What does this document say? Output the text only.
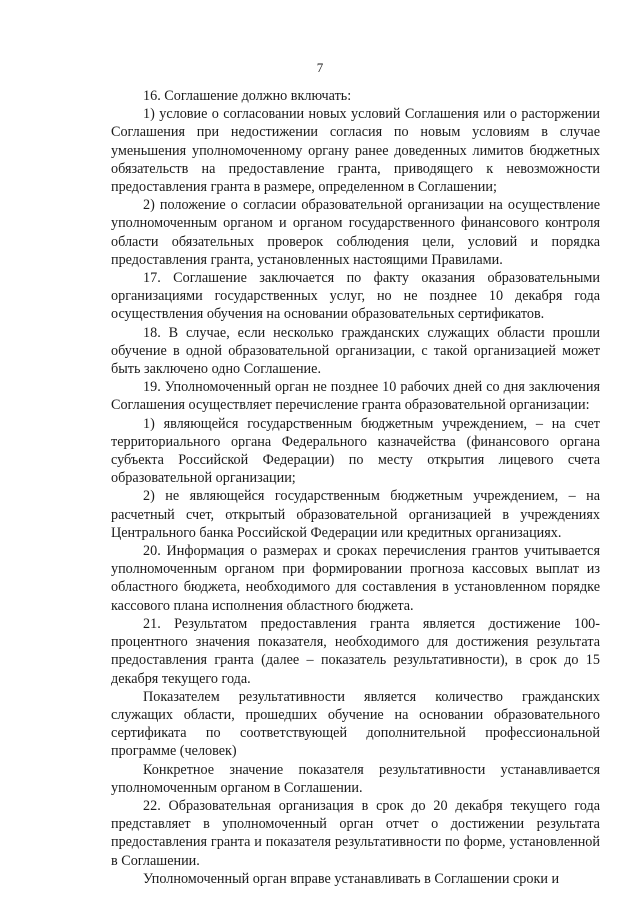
7

16. Соглашение должно включать:

1) условие о согласовании новых условий Соглашения или о расторжении Соглашения при недостижении согласия по новым условиям в случае уменьшения уполномоченному органу ранее доведенных лимитов бюджетных обязательств на предоставление гранта, приводящего к невозможности предоставления гранта в размере, определенном в Соглашении;

2) положение о согласии образовательной организации на осуществление уполномоченным органом и органом государственного финансового контроля области обязательных проверок соблюдения цели, условий и порядка предоставления гранта, установленных настоящими Правилами.

17. Соглашение заключается по факту оказания образовательными организациями государственных услуг, но не позднее 10 декабря года осуществления обучения на основании образовательных сертификатов.

18. В случае, если несколько гражданских служащих области прошли обучение в одной образовательной организации, с такой организацией может быть заключено одно Соглашение.

19. Уполномоченный орган не позднее 10 рабочих дней со дня заключения Соглашения осуществляет перечисление гранта образовательной организации:

1) являющейся государственным бюджетным учреждением, – на счет территориального органа Федерального казначейства (финансового органа субъекта Российской Федерации) по месту открытия лицевого счета образовательной организации;

2) не являющейся государственным бюджетным учреждением, – на расчетный счет, открытый образовательной организацией в учреждениях Центрального банка Российской Федерации или кредитных организациях.

20. Информация о размерах и сроках перечисления грантов учитывается уполномоченным органом при формировании прогноза кассовых выплат из областного бюджета, необходимого для составления в установленном порядке кассового плана исполнения областного бюджета.

21. Результатом предоставления гранта является достижение 100-процентного значения показателя, необходимого для достижения результата предоставления гранта (далее – показатель результативности), в срок до 15 декабря текущего года.

Показателем результативности является количество гражданских служащих области, прошедших обучение на основании образовательного сертификата по соответствующей дополнительной профессиональной программе (человек)

Конкретное значение показателя результативности устанавливается уполномоченным органом в Соглашении.

22. Образовательная организация в срок до 20 декабря текущего года представляет в уполномоченный орган отчет о достижении результата предоставления гранта и показателя результативности по форме, установленной в Соглашении.

Уполномоченный орган вправе устанавливать в Соглашении сроки и
